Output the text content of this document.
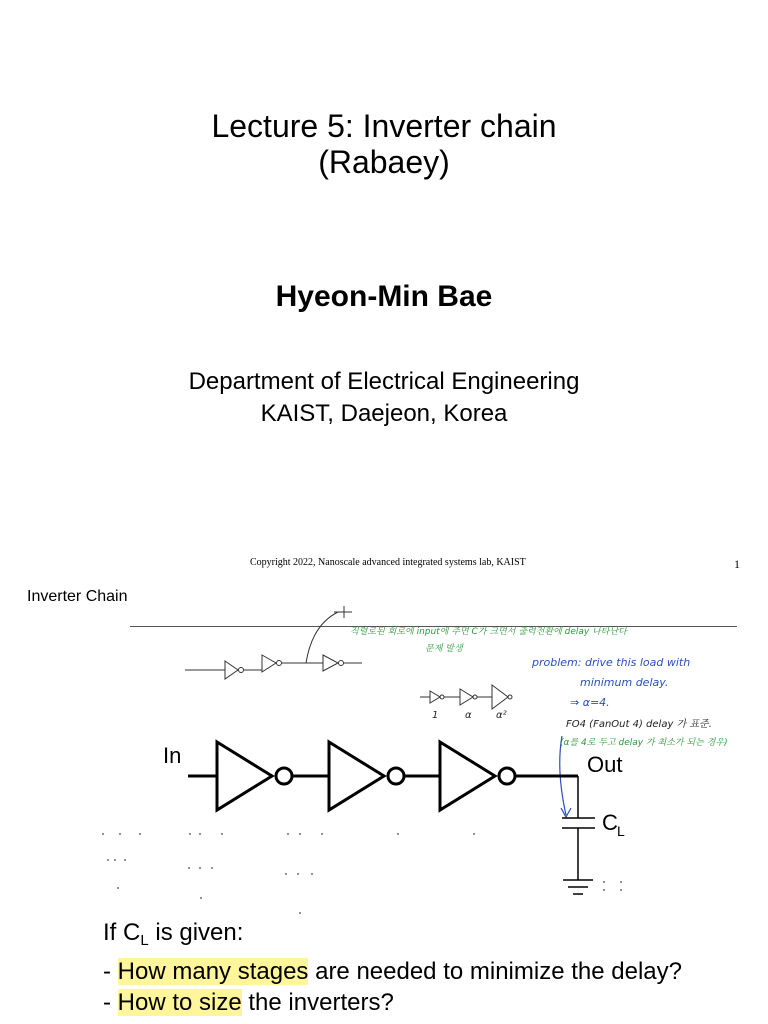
Lecture 5: Inverter chain
(Rabaey)
Hyeon-Min Bae
Department of Electrical Engineering
KAIST, Daejeon, Korea
Copyright 2022, Nanoscale advanced integrated systems lab, KAIST	1
Inverter Chain
직렬로된 회로에 input에 주면 C가 크면서 출력전환에 delay 나타난다
문제 발생
1	α α²
problem: drive this load with
minimum delay.
⇒ α=4.
FO4 (FanOut 4) delay 가 표준.
(α를 4로 두고 delay 가 최소가 되는 경우)
In	Out
C L
If $C_L$ is given:
- How many stages are needed to minimize the delay?
- How to size the inverters?
